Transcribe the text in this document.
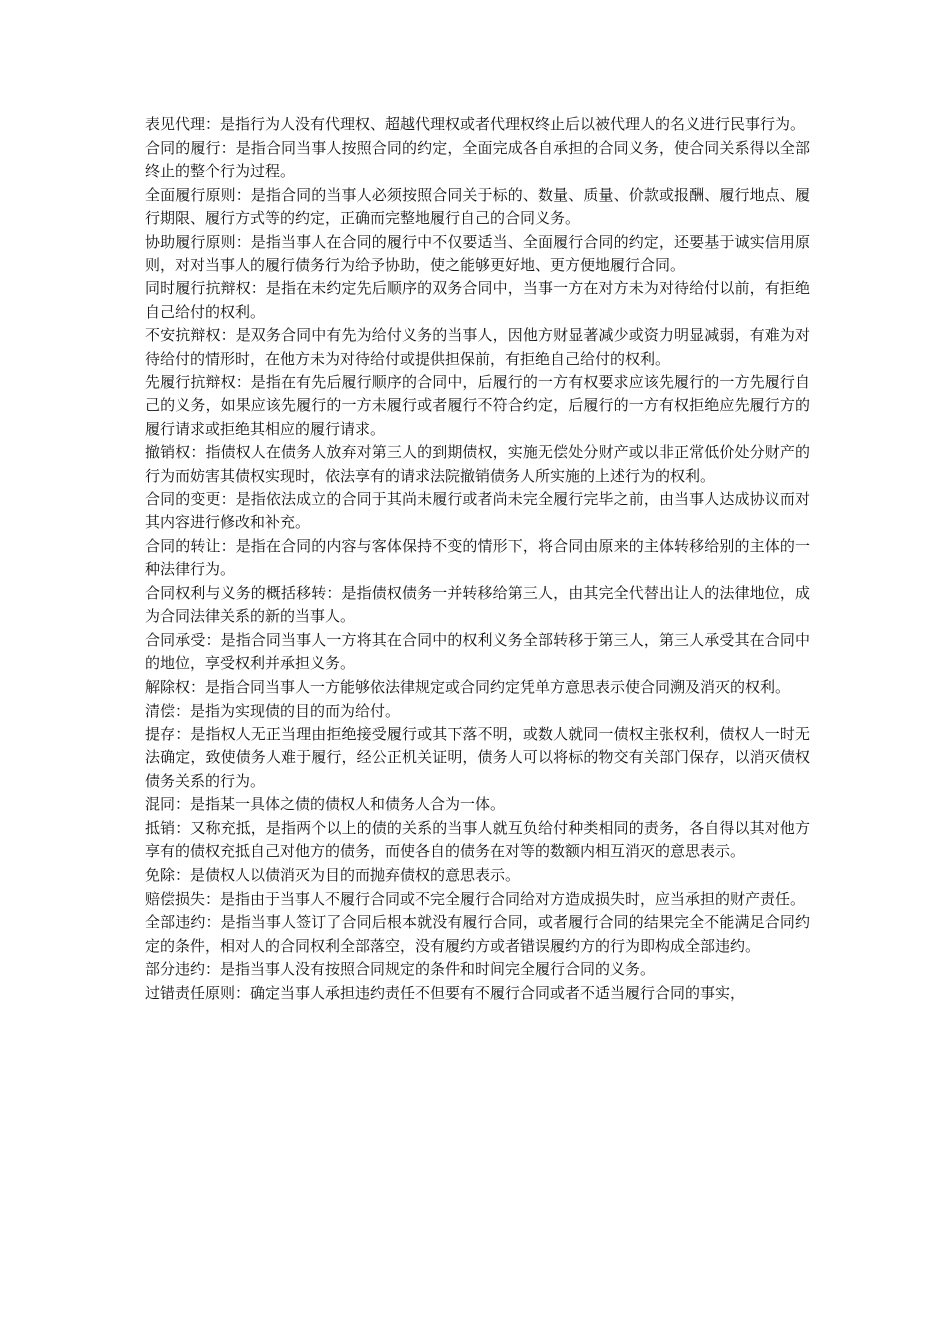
表见代理：是指行为人没有代理权、超越代理权或者代理权终止后以被代理人的名义进行民事行为。

合同的履行：是指合同当事人按照合同的约定，全面完成各自承担的合同义务，使合同关系得以全部终止的整个行为过程。

全面履行原则：是指合同的当事人必须按照合同关于标的、数量、质量、价款或报酬、履行地点、履行期限、履行方式等的约定，正确而完整地履行自己的合同义务。

协助履行原则：是指当事人在合同的履行中不仅要适当、全面履行合同的约定，还要基于诚实信用原则，对对当事人的履行债务行为给予协助，使之能够更好地、更方便地履行合同。

同时履行抗辩权：是指在未约定先后顺序的双务合同中，当事一方在对方未为对待给付以前，有拒绝自己给付的权利。

不安抗辩权：是双务合同中有先为给付义务的当事人，因他方财显著减少或资力明显减弱，有难为对待给付的情形时，在他方未为对待给付或提供担保前，有拒绝自己给付的权利。

先履行抗辩权：是指在有先后履行顺序的合同中，后履行的一方有权要求应该先履行的一方先履行自己的义务，如果应该先履行的一方未履行或者履行不符合约定，后履行的一方有权拒绝应先履行方的履行请求或拒绝其相应的履行请求。

撤销权：指债权人在债务人放弃对第三人的到期债权，实施无偿处分财产或以非正常低价处分财产的行为而妨害其债权实现时，依法享有的请求法院撤销债务人所实施的上述行为的权利。

合同的变更：是指依法成立的合同于其尚未履行或者尚未完全履行完毕之前，由当事人达成协议而对其内容进行修改和补充。

合同的转让：是指在合同的内容与客体保持不变的情形下，将合同由原来的主体转移给别的主体的一种法律行为。

合同权利与义务的概括移转：是指债权债务一并转移给第三人，由其完全代替出让人的法律地位，成为合同法律关系的新的当事人。

合同承受：是指合同当事人一方将其在合同中的权利义务全部转移于第三人，第三人承受其在合同中的地位，享受权利并承担义务。

解除权：是指合同当事人一方能够依法律规定或合同约定凭单方意思表示使合同溯及消灭的权利。

清偿：是指为实现债的目的而为给付。

提存：是指权人无正当理由拒绝接受履行或其下落不明，或数人就同一债权主张权利，债权人一时无法确定，致使债务人难于履行，经公正机关证明，债务人可以将标的物交有关部门保存，以消灭债权债务关系的行为。

混同：是指某一具体之债的债权人和债务人合为一体。

抵销：又称充抵，是指两个以上的债的关系的当事人就互负给付种类相同的责务，各自得以其对他方享有的债权充抵自己对他方的债务，而使各自的债务在对等的数额内相互消灭的意思表示。

免除：是债权人以债消灭为目的而抛弃债权的意思表示。

赔偿损失：是指由于当事人不履行合同或不完全履行合同给对方造成损失时，应当承担的财产责任。

全部违约：是指当事人签订了合同后根本就没有履行合同，或者履行合同的结果完全不能满足合同约定的条件，相对人的合同权利全部落空，没有履约方或者错误履约方的行为即构成全部违约。

部分违约：是指当事人没有按照合同规定的条件和时间完全履行合同的义务。

过错责任原则：确定当事人承担违约责任不但要有不履行合同或者不适当履行合同的事实，
